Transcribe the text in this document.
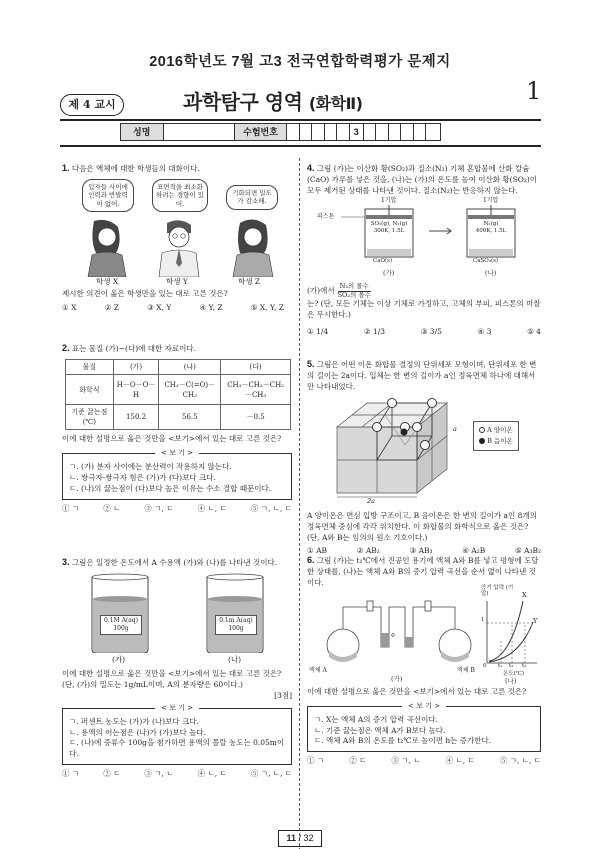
2016학년도 7월 고3 전국연합학력평가 문제지
1
제 4 교시	과학탐구 영역 (화학Ⅱ)
성명	수험번호	3
1. 다음은 액체에 대한 학생들의 대화이다.
입자들 사이에 인력과 반발력이 없어.
표면적을 최소화하려는 경향이 있어.
기화되면 밀도가 감소해.
학생 X	학생 Y	학생 Z
제시한 의견이 옳은 학생만을 있는 대로 고른 것은?
① X	② Z	③ X, Y	④ Y, Z	⑤ X, Y, Z
2. 표는 물질 (가)~(다)에 대한 자료이다.
물질	(가)	(나)	(다)
화학식	H－O－O－H	CH₃－C(=O)－CH₃	CH₃－CH₂－CH₂－CH₃
기준 끓는점(℃)	150.2	56.5	－0.5
이에 대한 설명으로 옳은 것만을 <보기>에서 있는 대로 고른 것은?
< 보 기 >
ㄱ. (가) 분자 사이에는 분산력이 작용하지 않는다.
ㄴ. 쌍극자-쌍극자 힘은 (가)가 (다)보다 크다.
ㄷ. (나)의 끓는점이 (다)보다 높은 이유는 수소 결합 때문이다.
① ㄱ	② ㄴ	③ ㄱ, ㄷ	④ ㄴ, ㄷ	⑤ ㄱ, ㄴ, ㄷ
3. 그림은 일정한 온도에서 A 수용액 (가)와 (나)를 나타낸 것이다.
0.1M A(aq)
100g
0.1m A(aq)
100g
(가)	(나)
이에 대한 설명으로 옳은 것만을 <보기>에서 있는 대로 고른 것은? (단, (가)의 밀도는 1g/mL이며, A의 분자량은 60이다.)
[3점]
< 보 기 >
ㄱ. 퍼센트 농도는 (가)가 (나)보다 크다.
ㄴ. 용액의 어는점은 (나)가 (가)보다 높다.
ㄷ. (나)에 증류수 100g을 첨가하면 용액의 몰랄 농도는 0.05m이다.
① ㄱ	② ㄷ	③ ㄱ, ㄴ	④ ㄴ, ㄷ	⑤ ㄱ, ㄴ, ㄷ
4. 그림 (가)는 이산화 황(SO₂)과 질소(N₂) 기체 혼합물에 산화 칼슘(CaO) 가루를 넣은 것을, (나)는 (가)의 온도를 높여 이산화 황(SO₂)이 모두 제거된 상태를 나타낸 것이다. 질소(N₂)는 반응하지 않는다.
1기압	1기압
피스톤
SO₂(g), N₂(g)
300K, 1.5L
N₂(g)
400K, 1.5L
CaO(s)	CaSO₃(s)
(가)	(나)
(가)에서 N₂의 몰수
SO₂의 몰수
는? (단, 모든 기체는 이상 기체로 가정하고, 고체의 부피, 피스톤의 마찰은 무시한다.)
① 1/4	② 1/3	③ 3/5	④ 3	⑤ 4
5. 그림은 어떤 이온 화합물 결정의 단위세포 모형이며, 단위세포 한 변의 길이는 2a이다. 입체는 한 변의 길이가 a인 정육면체 하나에 대해서만 나타내었다.
2a
a	A 양이온
B 음이온
A 양이온은 면심 입방 구조이고, B 음이온은 한 변의 길이가 a인 8개의 정육면체 중심에 각각 위치한다. 이 화합물의 화학식으로 옳은 것은? (단, A와 B는 임의의 원소 기호이다.)
① AB	② AB₂	③ AB₃	④ A₂B	⑤ A₃B₂
6. 그림 (가)는 t₁℃에서 진공인 용기에 액체 A와 B를 넣고 평형에 도달한 상태를, (나)는 액체 A와 B의 증기 압력 곡선을 순서 없이 나타낸 것이다.
액체 A	액체 B
증기 압력 (기압)
1
X
Y
0 t₁ t₂ t₃
온도(℃)
(가)	(나)
이에 대한 설명으로 옳은 것만을 <보기>에서 있는 대로 고른 것은?
< 보 기 >
ㄱ. X는 액체 A의 증기 압력 곡선이다.
ㄴ. 기준 끓는점은 액체 A가 B보다 높다.
ㄷ. 액체 A와 B의 온도를 t₂℃로 높이면 h는 증가한다.
① ㄱ	② ㄷ	③ ㄱ, ㄴ	④ ㄴ, ㄷ	⑤ ㄱ, ㄴ, ㄷ
11 / 32
